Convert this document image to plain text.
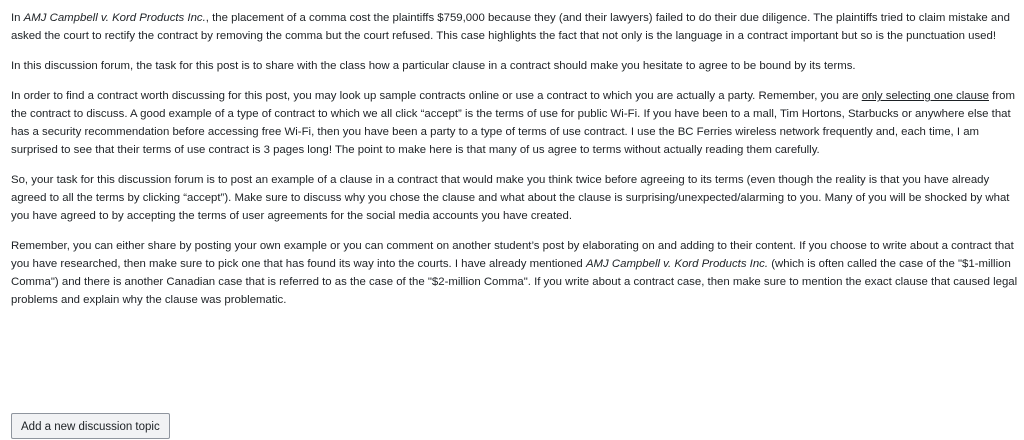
In AMJ Campbell v. Kord Products Inc., the placement of a comma cost the plaintiffs $759,000 because they (and their lawyers) failed to do their due diligence. The plaintiffs tried to claim mistake and asked the court to rectify the contract by removing the comma but the court refused. This case highlights the fact that not only is the language in a contract important but so is the punctuation used!

In this discussion forum, the task for this post is to share with the class how a particular clause in a contract should make you hesitate to agree to be bound by its terms.

In order to find a contract worth discussing for this post, you may look up sample contracts online or use a contract to which you are actually a party. Remember, you are only selecting one clause from the contract to discuss. A good example of a type of contract to which we all click “accept” is the terms of use for public Wi-Fi. If you have been to a mall, Tim Hortons, Starbucks or anywhere else that has a security recommendation before accessing free Wi-Fi, then you have been a party to a type of terms of use contract. I use the BC Ferries wireless network frequently and, each time, I am surprised to see that their terms of use contract is 3 pages long! The point to make here is that many of us agree to terms without actually reading them carefully.

So, your task for this discussion forum is to post an example of a clause in a contract that would make you think twice before agreeing to its terms (even though the reality is that you have already agreed to all the terms by clicking “accept”). Make sure to discuss why you chose the clause and what about the clause is surprising/unexpected/alarming to you. Many of you will be shocked by what you have agreed to by accepting the terms of user agreements for the social media accounts you have created.

Remember, you can either share by posting your own example or you can comment on another student’s post by elaborating on and adding to their content. If you choose to write about a contract that you have researched, then make sure to pick one that has found its way into the courts. I have already mentioned AMJ Campbell v. Kord Products Inc. (which is often called the case of the "$1-million Comma") and there is another Canadian case that is referred to as the case of the "$2-million Comma". If you write about a contract case, then make sure to mention the exact clause that caused legal problems and explain why the clause was problematic.

Add a new discussion topic
